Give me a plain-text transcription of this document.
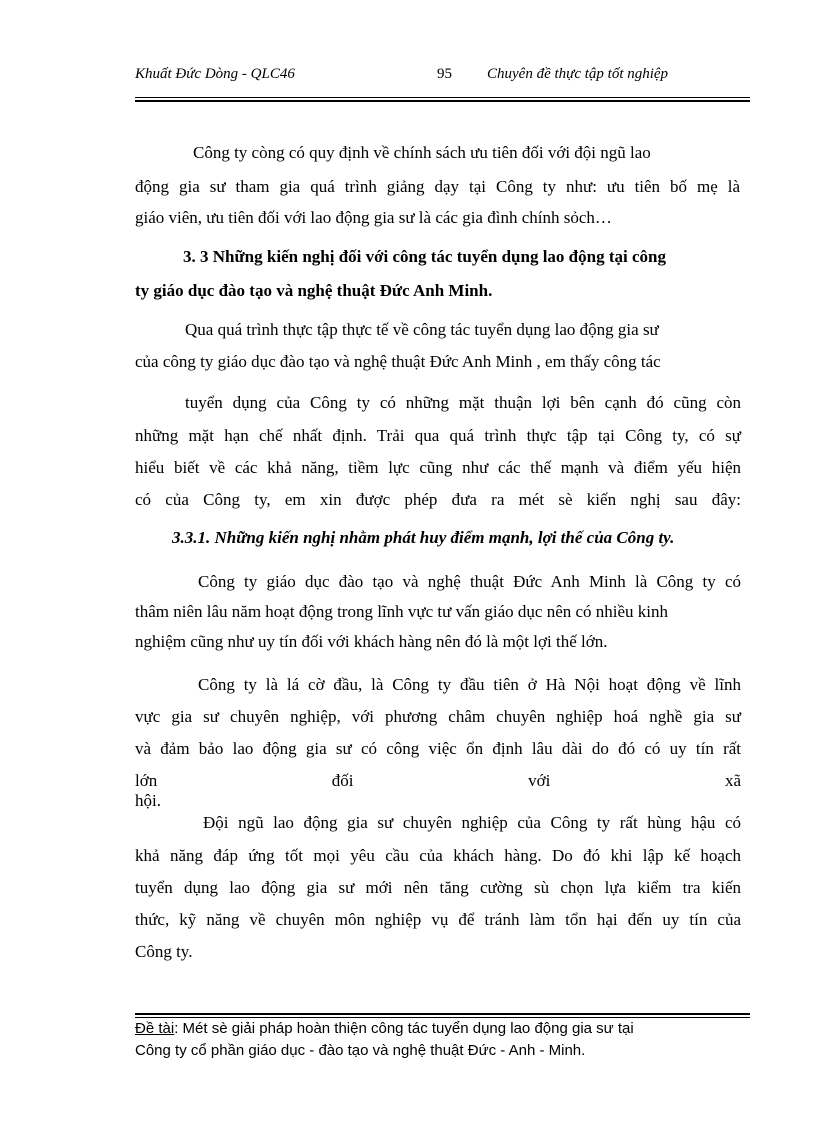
Khuất Đức Dòng - QLC46	95 Chuyên đề thực tập tốt nghiệp
Công ty còng có quy định về chính sách ưu tiên đối với đội ngũ lao
động gia sư tham gia quá trình giảng dạy tại Công ty như: ưu tiên bố mẹ là
giáo viên, ưu tiên đối với lao động gia sư là các gia đình chính sỏch…
3. 3 Những kiến nghị đối với công tác tuyển dụng lao động tại công
ty giáo dục đào tạo và nghệ thuật Đức Anh Minh.
Qua quá trình thực tập thực tế về công tác tuyển dụng lao động gia sư
của công ty giáo dục đào tạo và nghệ thuật Đức Anh Minh , em thấy công tác
tuyển dụng của Công ty có những mặt thuận lợi bên cạnh đó cũng còn
những mặt hạn chế nhất định. Trải qua quá trình thực tập tại Công ty, có sự
hiểu biết về các khả năng, tiềm lực cũng như các thế mạnh và điểm yếu hiện
có của Công ty, em xin được phép đưa ra mét sè kiến nghị sau đây:
3.3.1. Những kiến nghị nhằm phát huy điểm mạnh, lợi thế của Công ty.
Công ty giáo dục đào tạo và nghệ thuật Đức Anh Minh là Công ty có
thâm niên lâu năm hoạt động trong lĩnh vực tư vấn giáo dục nên có nhiều kinh
nghiệm cũng như uy tín đối với khách hàng nên đó là một lợi thế lớn.
Công ty là lá cờ đầu, là Công ty đầu tiên ở Hà Nội hoạt động về lĩnh
vực gia sư chuyên nghiệp, với phương châm chuyên nghiệp hoá nghề gia sư
và đảm bảo lao động gia sư có công việc ổn định lâu dài do đó có uy tín rất
lớn đối với xã hội.
Đội ngũ lao động gia sư chuyên nghiệp của Công ty rất hùng hậu có
khả năng đáp ứng tốt mọi yêu cầu của khách hàng. Do đó khi lập kế hoạch
tuyển dụng lao động gia sư mới nên tăng cường sù chọn lựa kiểm tra kiến
thức, kỹ năng về chuyên môn nghiệp vụ để tránh làm tổn hại đến uy tín của
Công ty.
Đề tài: Mét sè giải pháp hoàn thiện công tác tuyển dụng lao động gia sư tại
Công ty cổ phần giáo dục - đào tạo và nghệ thuật Đức - Anh - Minh.
